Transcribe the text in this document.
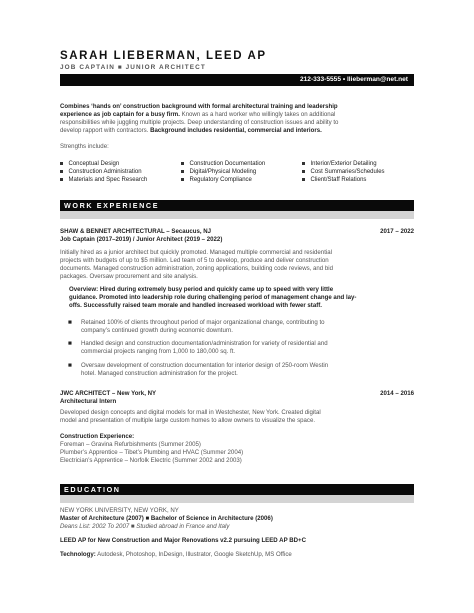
SARAH LIEBERMAN, LEED AP
JOB CAPTAIN ■ JUNIOR ARCHITECT
212-333-5555 • llieberman@net.net
Combines ‘hands on’ construction background with formal architectural training and leadership
experience as job captain for a busy firm. Known as a hard worker who willingly takes on additional
responsibilities while juggling multiple projects. Deep understanding of construction issues and ability to
develop rapport with contractors. Background includes residential, commercial and interiors.
Strengths include:
Conceptual Design
Construction Administration
Materials and Spec Research
Construction Documentation
Digital/Physical Modeling
Regulatory Compliance
Interior/Exterior Detailing
Cost Summaries/Schedules
Client/Staff Relations
WORK EXPERIENCE
SHAW & BENNET ARCHITECTURAL – Secaucus, NJ	2017 – 2022
Job Captain (2017–2019) / Junior Architect (2019 – 2022)
Initially hired as a junior architect but quickly promoted. Managed multiple commercial and residential
projects with budgets of up to $5 million. Led team of 5 to develop, produce and deliver construction
documents. Managed construction administration, zoning applications, building code reviews, and bid
packages. Oversaw procurement and site analysis.
Overview: Hired during extremely busy period and quickly came up to speed with very little
guidance. Promoted into leadership role during challenging period of management change and lay-
offs. Successfully raised team morale and handled increased workload with fewer staff.
■ Retained 100% of clients throughout period of major organizational change, contributing to
company’s continued growth during economic downturn.
■ Handled design and construction documentation/administration for variety of residential and
commercial projects ranging from 1,000 to 180,000 sq. ft.
■ Oversaw development of construction documentation for interior design of 250-room Westin
hotel. Managed construction administration for the project.
JWC ARCHITECT – New York, NY	2014 – 2016
Architectural Intern
Developed design concepts and digital models for mall in Westchester, New York. Created digital
model and presentation of multiple large custom homes to allow owners to visualize the space.
Construction Experience:
Foreman – Gravina Refurbishments (Summer 2005)
Plumber’s Apprentice – Tibet’s Plumbing and HVAC (Summer 2004)
Electrician’s Apprentice – Norfolk Electric (Summer 2002 and 2003)
EDUCATION
NEW YORK UNIVERSITY, NEW YORK, NY
Master of Architecture (2007) ■ Bachelor of Science in Architecture (2006)
Deans List: 2002 To 2007 ■ Studied abroad in France and Italy
LEED AP for New Construction and Major Renovations v2.2 pursuing LEED AP BD+C
Technology: Autodesk, Photoshop, InDesign, Illustrator, Google SketchUp, MS Office
